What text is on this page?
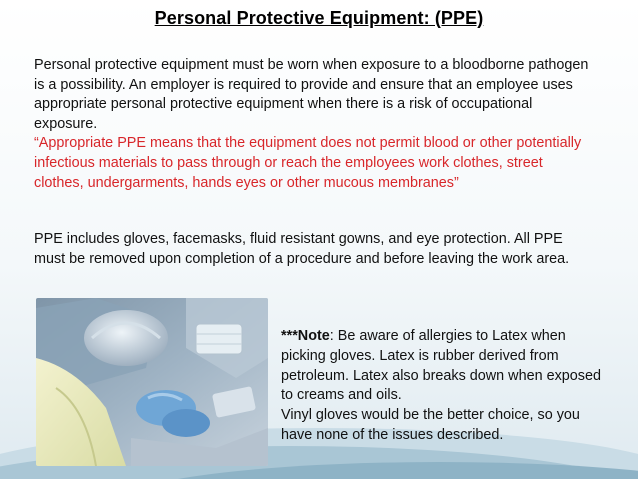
Personal Protective Equipment: (PPE)
Personal protective equipment must be worn when exposure to a bloodborne pathogen is a possibility. An employer is required to provide and ensure that an employee uses appropriate personal protective equipment when there is a risk of occupational exposure.
“Appropriate PPE means that the equipment does not permit blood or other potentially infectious materials to pass through or reach the employees work clothes, street clothes, undergarments, hands eyes or other mucous membranes”
PPE includes gloves, facemasks, fluid resistant gowns, and eye protection. All PPE must be removed upon completion of a procedure and before leaving the work area.
***Note: Be aware of allergies to Latex when picking gloves. Latex is rubber derived from petroleum. Latex also breaks down when exposed to creams and oils.
Vinyl gloves would be the better choice, so you have none of the issues described.
